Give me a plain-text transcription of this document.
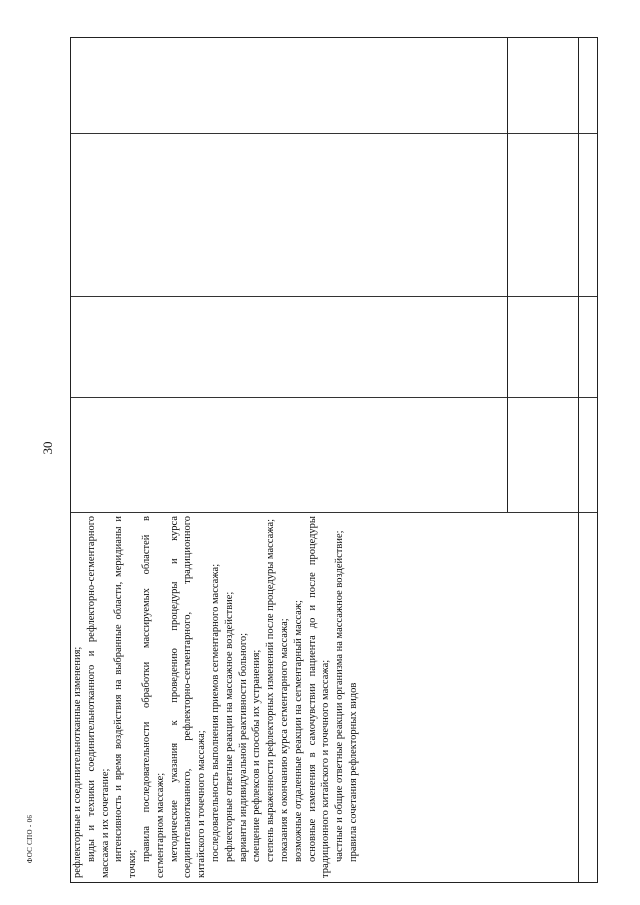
30

рефлекторные и соединительнотканные изменения; виды и техники соединительнотканного и рефлекторно-сегментарного массажа и их сочетание; интенсивность и время воздействия на выбранные области, меридианы и точки;

правила последовательности обработки массируемых областей в сегментарном массаже; методические указания к проведению процедуры и курса соединительнотканного, рефлекторно-сегментарного, традиционного китайского и точечного массажа; последовательность выполнения приемов сегментарного массажа; рефлекторные ответные реакции на массажное воздействие; варианты индивидуальной реактивности больного; смещение рефлексов и способы их устранения; степень выраженности рефлекторных изменений после процедуры массажа; показания к окончанию курса сегментарного массажа; возможные отдаленные реакции на сегментарный массаж; основные изменения в самочувствии пациента до и после процедуры традиционного китайского и точечного массажа; частные и общие ответные реакции организма на массажное воздействие; правила сочетания рефлекторных видов

ФОС СПО - 06
